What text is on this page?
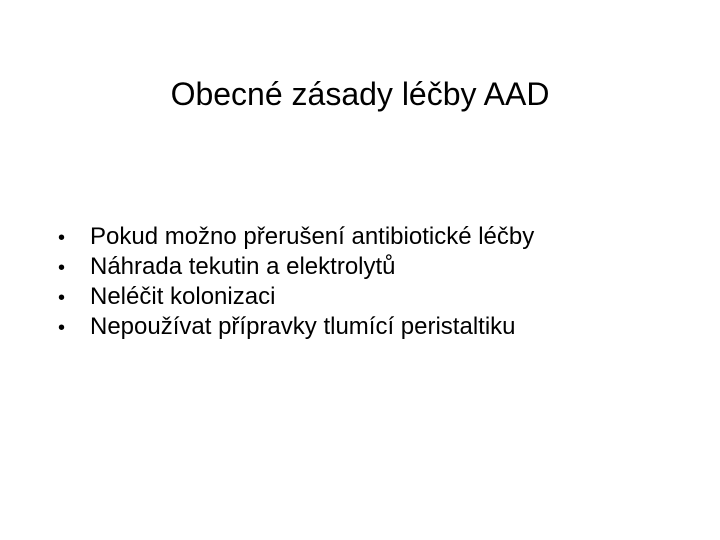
Obecné zásady léčby AAD
•	Pokud možno přerušení antibiotické léčby
•	Náhrada tekutin a elektrolytů
•	Neléčit kolonizaci
•	Nepoužívat přípravky tlumící peristaltiku
